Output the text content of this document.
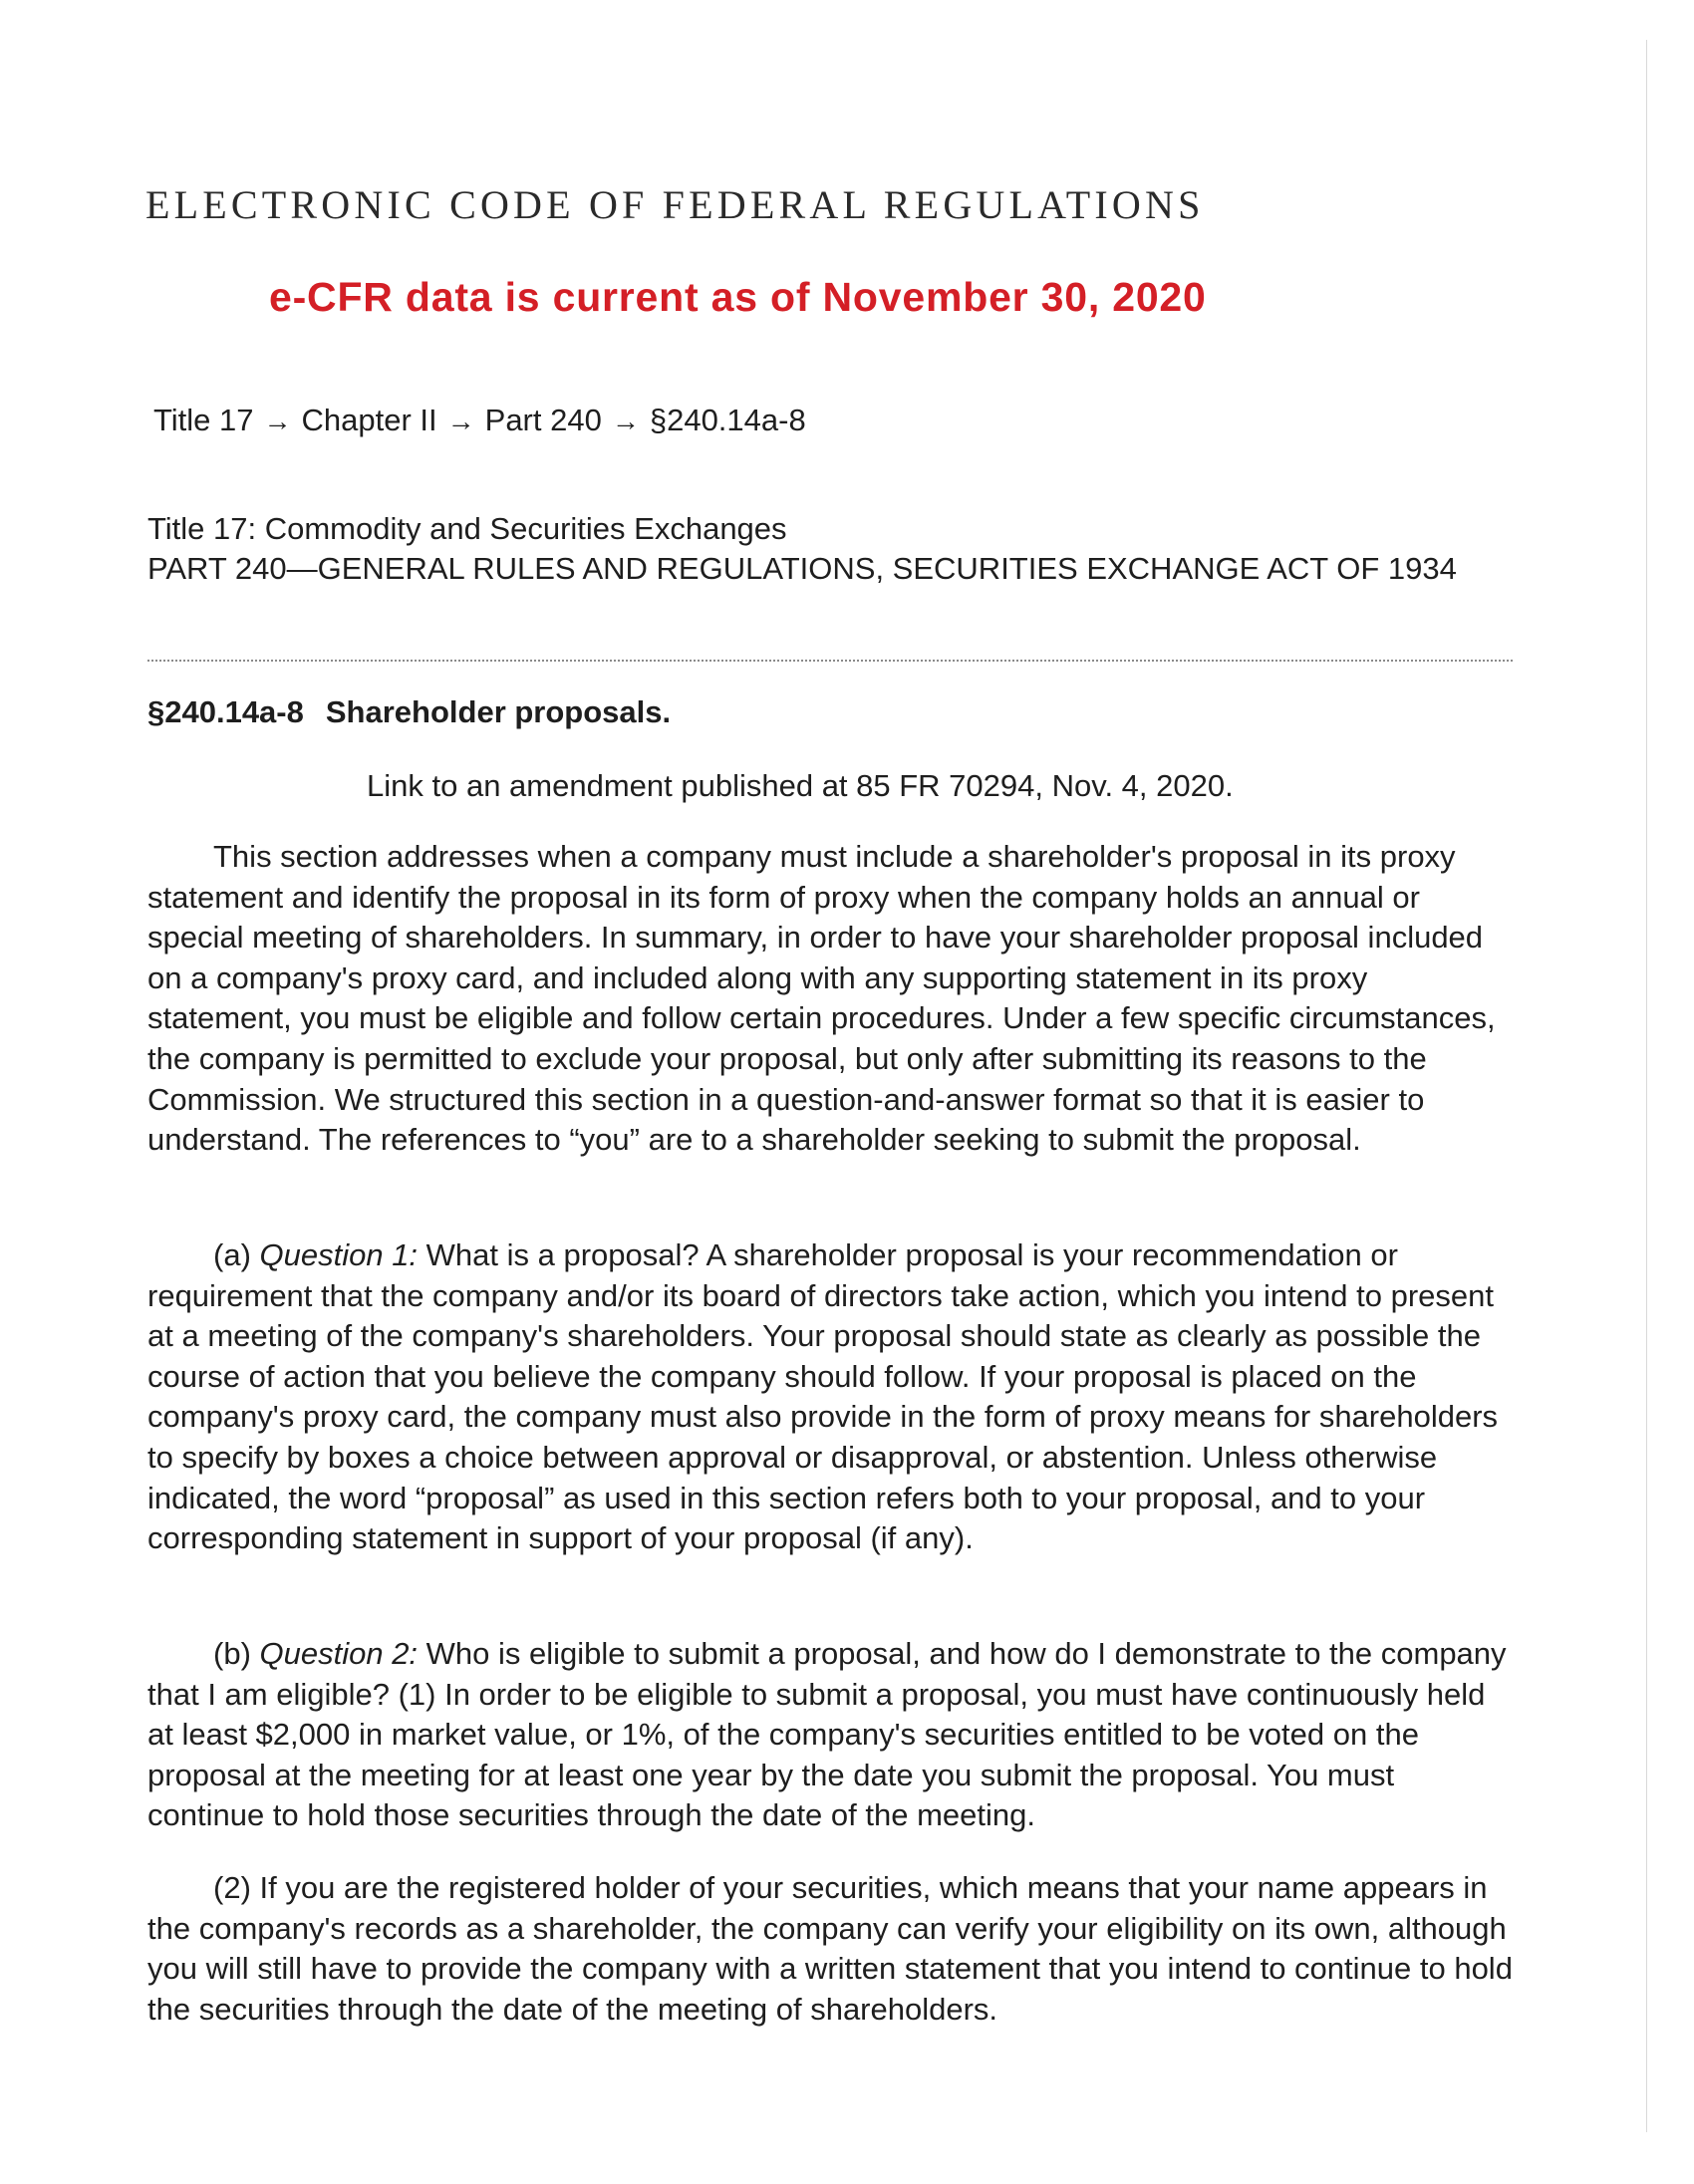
ELECTRONIC CODE OF FEDERAL REGULATIONS
e-CFR data is current as of November 30, 2020
Title 17 → Chapter II → Part 240 → §240.14a-8
Title 17: Commodity and Securities Exchanges
PART 240—GENERAL RULES AND REGULATIONS, SECURITIES EXCHANGE ACT OF 1934
§240.14a-8 Shareholder proposals.
Link to an amendment published at 85 FR 70294, Nov. 4, 2020.

This section addresses when a company must include a shareholder's proposal in its proxy statement and identify the proposal in its form of proxy when the company holds an annual or special meeting of shareholders. In summary, in order to have your shareholder proposal included on a company's proxy card, and included along with any supporting statement in its proxy statement, you must be eligible and follow certain procedures. Under a few specific circumstances, the company is permitted to exclude your proposal, but only after submitting its reasons to the Commission. We structured this section in a question-and-answer format so that it is easier to understand. The references to “you” are to a shareholder seeking to submit the proposal.

(a) Question 1: What is a proposal? A shareholder proposal is your recommendation or requirement that the company and/or its board of directors take action, which you intend to present at a meeting of the company's shareholders. Your proposal should state as clearly as possible the course of action that you believe the company should follow. If your proposal is placed on the company's proxy card, the company must also provide in the form of proxy means for shareholders to specify by boxes a choice between approval or disapproval, or abstention. Unless otherwise indicated, the word “proposal” as used in this section refers both to your proposal, and to your corresponding statement in support of your proposal (if any).

(b) Question 2: Who is eligible to submit a proposal, and how do I demonstrate to the company that I am eligible? (1) In order to be eligible to submit a proposal, you must have continuously held at least $2,000 in market value, or 1%, of the company's securities entitled to be voted on the proposal at the meeting for at least one year by the date you submit the proposal. You must continue to hold those securities through the date of the meeting.

(2) If you are the registered holder of your securities, which means that your name appears in the company's records as a shareholder, the company can verify your eligibility on its own, although you will still have to provide the company with a written statement that you intend to continue to hold the securities through the date of the meeting of shareholders.
